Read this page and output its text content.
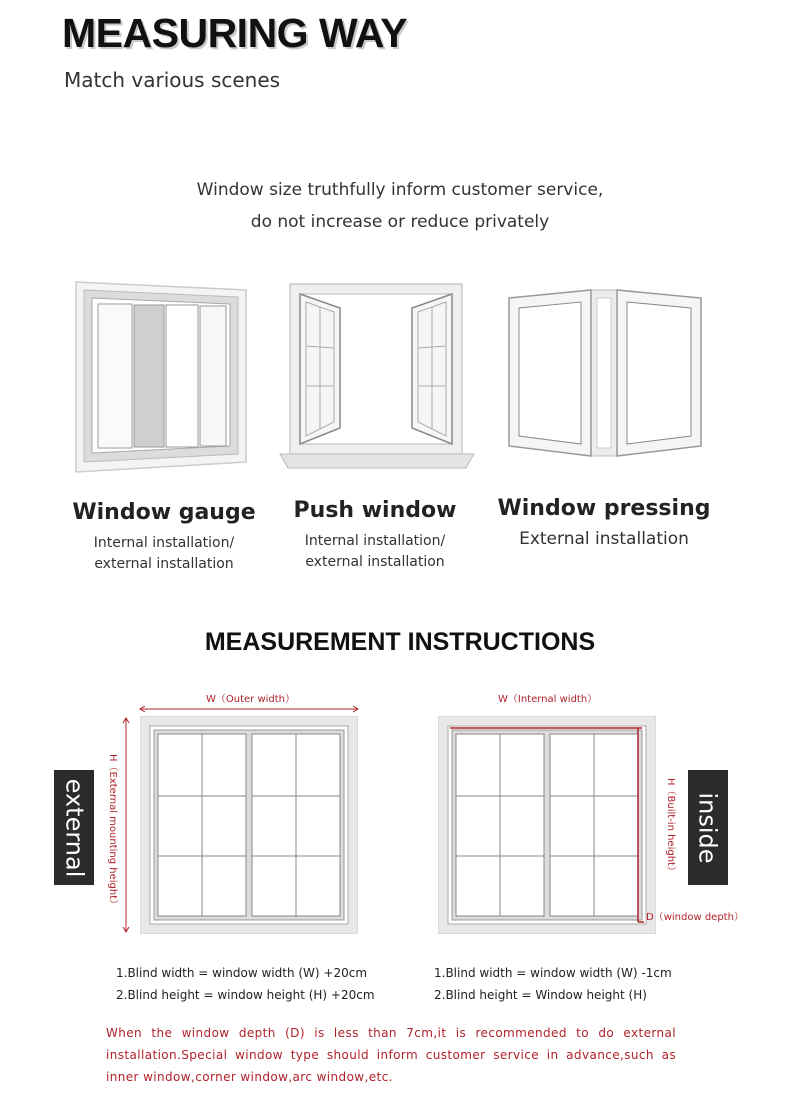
MEASURING WAY
Match various scenes
Window size truthfully inform customer service,
do not increase or reduce privately
Window gauge
Internal installation/
external installation
Push window
Internal installation/
external installation
Window pressing
External installation
MEASUREMENT INSTRUCTIONS
W（Outer width）
H（External mounting height）
external
1.Blind width = window width (W) +20cm
2.Blind height = window height (H) +20cm
W（Internal width）
H（Built-in height）
D（window depth）
inside
1.Blind width = window width (W) -1cm
2.Blind height = Window height (H)
When the window depth (D) is less than 7cm,it is recommended to do external installation.Special window type should inform customer service in advance,such as inner window,corner window,arc window,etc.
